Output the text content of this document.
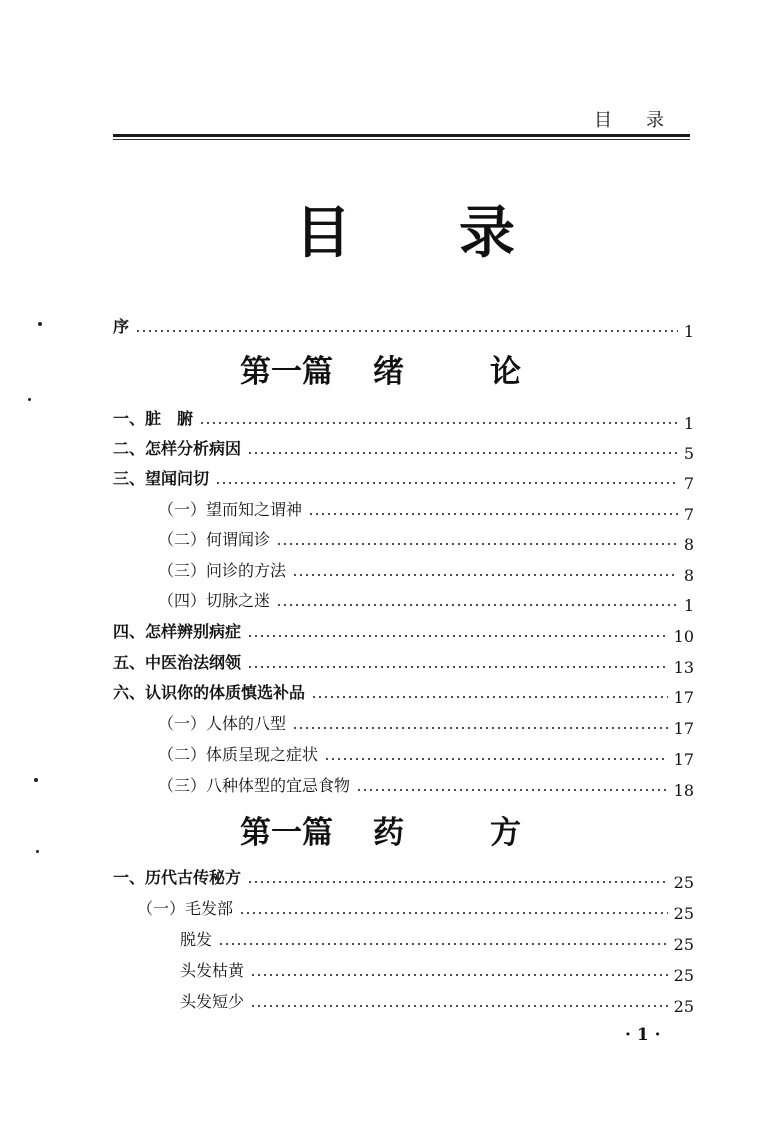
目 录
目 录
序	1
第一篇 绪	论
一、脏　腑	1
二、怎样分析病因	5
三、望闻问切	7
（一）望而知之谓神	7
（二）何谓闻诊	8
（三）问诊的方法	8
（四）切脉之迷	1
四、怎样辨别病症	10
五、中医治法纲领	13
六、认识你的体质慎选补品	17
（一）人体的八型	17
（二）体质呈现之症状	17
（三）八种体型的宜忌食物	18
第一篇 药	方
一、历代古传秘方	25
（一）毛发部	25
脱发	25
头发枯黄	25
头发短少	25
· 1 ·
